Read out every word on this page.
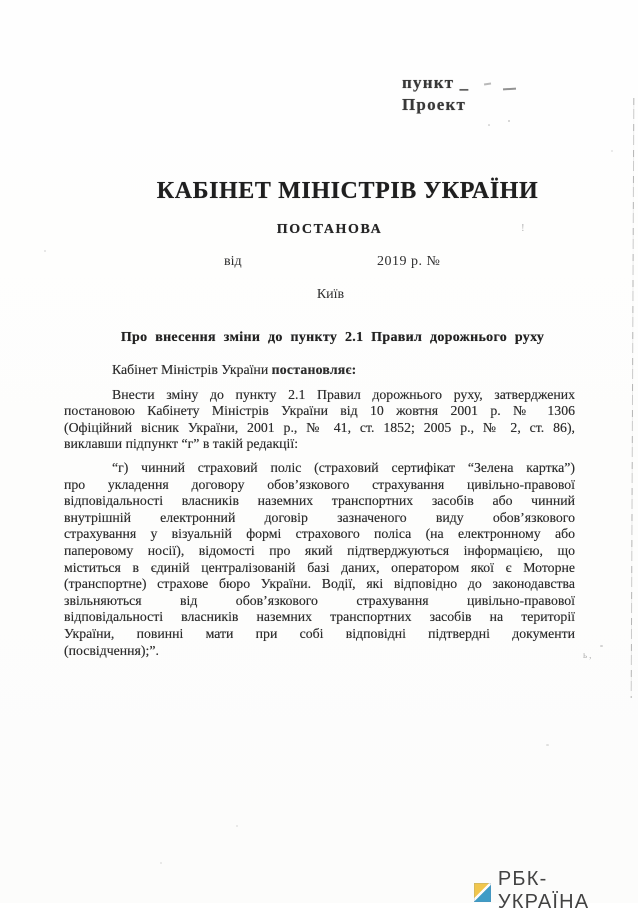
пункт _
Проект
КАБІНЕТ МІНІСТРІВ УКРАЇНИ
ПОСТАНОВА
від	2019 р. №
Київ
Про внесення зміни до пункту 2.1 Правил дорожнього руху
Кабінет Міністрів України постановляє:
Внести зміну до пункту 2.1 Правил дорожнього руху, затверджених
постановою Кабінету Міністрів України від 10 жовтня 2001 р. № 1306
(Офіційний вісник України, 2001 р., № 41, ст. 1852; 2005 р., № 2, ст. 86),
виклавши підпункт “г” в такій редакції:
“г) чинний страховий поліс (страховий сертифікат “Зелена картка”)
про укладення договору обов’язкового страхування цивільно-правової
відповідальності власників наземних транспортних засобів або чинний
внутрішній електронний договір зазначеного виду обов’язкового
страхування у візуальній формі страхового поліса (на електронному або
паперовому носії), відомості про який підтверджуються інформацією, що
міститься в єдиній централізованій базі даних, оператором якої є Моторне
(транспортне) страхове бюро України. Водії, які відповідно до законодавства
звільняються від обов’язкового страхування цивільно-правової
відповідальності власників наземних транспортних засобів на території
України, повинні мати при собі відповідні підтвердні документи
(посвідчення);”.
!
ь,
РБК-УКРАЇНА
